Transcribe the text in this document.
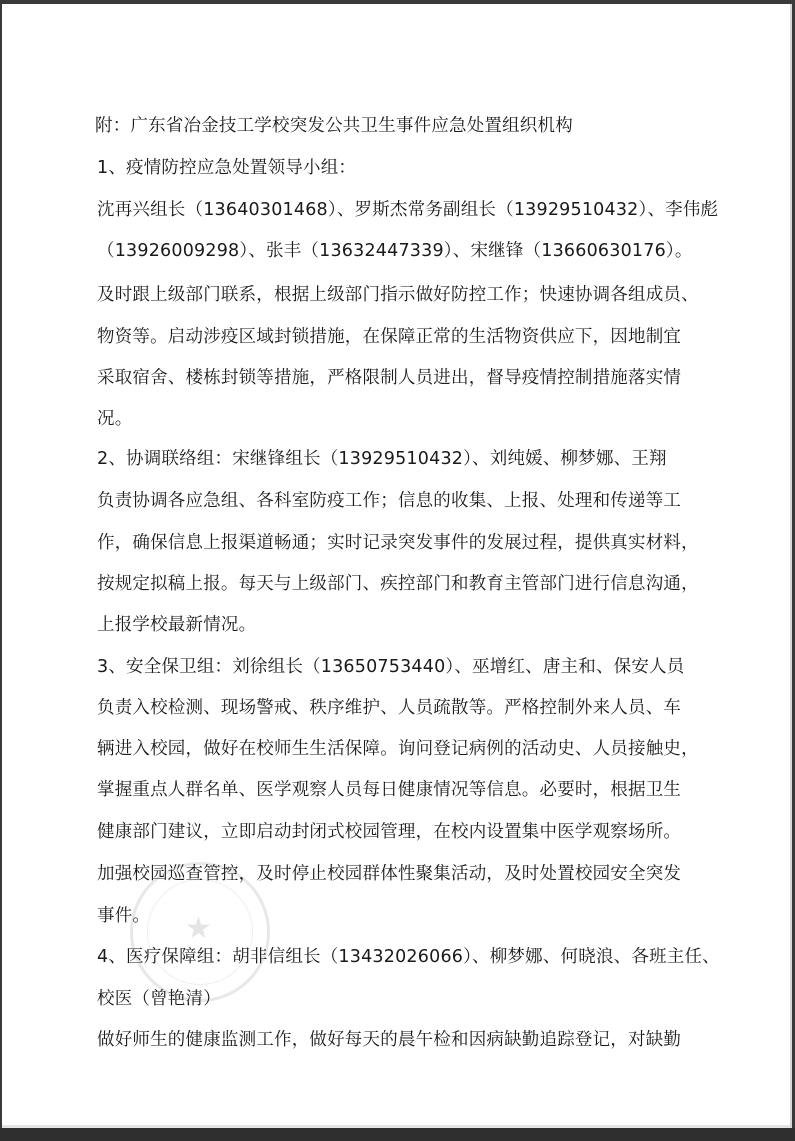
★
附：广东省冶金技工学校突发公共卫生事件应急处置组织机构
1、疫情防控应急处置领导小组：
沈再兴组长（13640301468）、罗斯杰常务副组长（13929510432）、李伟彪
（13926009298）、张丰（13632447339）、宋继锋（13660630176）。
及时跟上级部门联系，根据上级部门指示做好防控工作；快速协调各组成员、
物资等。启动涉疫区域封锁措施，在保障正常的生活物资供应下，因地制宜
采取宿舍、楼栋封锁等措施，严格限制人员进出，督导疫情控制措施落实情
况。
2、协调联络组：宋继锋组长（13929510432）、刘纯媛、柳梦娜、王翔
负责协调各应急组、各科室防疫工作；信息的收集、上报、处理和传递等工
作，确保信息上报渠道畅通；实时记录突发事件的发展过程，提供真实材料，
按规定拟稿上报。每天与上级部门、疾控部门和教育主管部门进行信息沟通，
上报学校最新情况。
3、安全保卫组：刘徐组长（13650753440）、巫增红、唐主和、保安人员
负责入校检测、现场警戒、秩序维护、人员疏散等。严格控制外来人员、车
辆进入校园，做好在校师生生活保障。询问登记病例的活动史、人员接触史，
掌握重点人群名单、医学观察人员每日健康情况等信息。必要时，根据卫生
健康部门建议，立即启动封闭式校园管理，在校内设置集中医学观察场所。
加强校园巡查管控，及时停止校园群体性聚集活动，及时处置校园安全突发
事件。
4、医疗保障组：胡非信组长（13432026066）、柳梦娜、何晓浪、各班主任、
校医（曾艳清）
做好师生的健康监测工作，做好每天的晨午检和因病缺勤追踪登记，对缺勤
